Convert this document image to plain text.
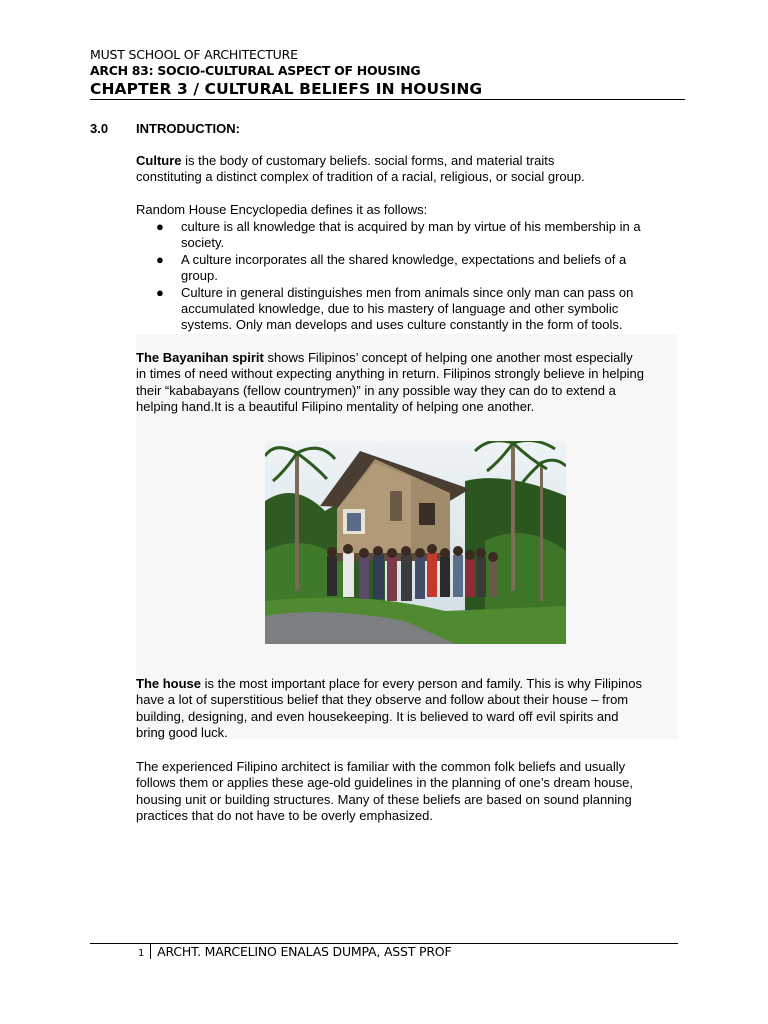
MUST SCHOOL OF ARCHITECTURE
ARCH 83: SOCIO-CULTURAL ASPECT OF HOUSING
CHAPTER 3 / CULTURAL BELIEFS IN HOUSING
3.0 INTRODUCTION:
Culture is the body of customary beliefs. social forms, and material traits
constituting a distinct complex of tradition of a racial, religious, or social group.
Random House Encyclopedia defines it as follows:
● culture is all knowledge that is acquired by man by virtue of his membership in a
society.
● A culture incorporates all the shared knowledge, expectations and beliefs of a
group.
● Culture in general distinguishes men from animals since only man can pass on
accumulated knowledge, due to his mastery of language and other symbolic
systems. Only man develops and uses culture constantly in the form of tools.
The Bayanihan spirit shows Filipinos’ concept of helping one another most especially
in times of need without expecting anything in return. Filipinos strongly believe in helping
their “kababayans (fellow countrymen)” in any possible way they can do to extend a
helping hand.It is a beautiful Filipino mentality of helping one another.
The house is the most important place for every person and family. This is why Filipinos
have a lot of superstitious belief that they observe and follow about their house – from
building, designing, and even housekeeping. It is believed to ward off evil spirits and
bring good luck.
The experienced Filipino architect is familiar with the common folk beliefs and usually
follows them or applies these age-old guidelines in the planning of one’s dream house,
housing unit or building structures. Many of these beliefs are based on sound planning
practices that do not have to be overly emphasized.
1 ARCHT. MARCELINO ENALAS DUMPA, ASST PROF
